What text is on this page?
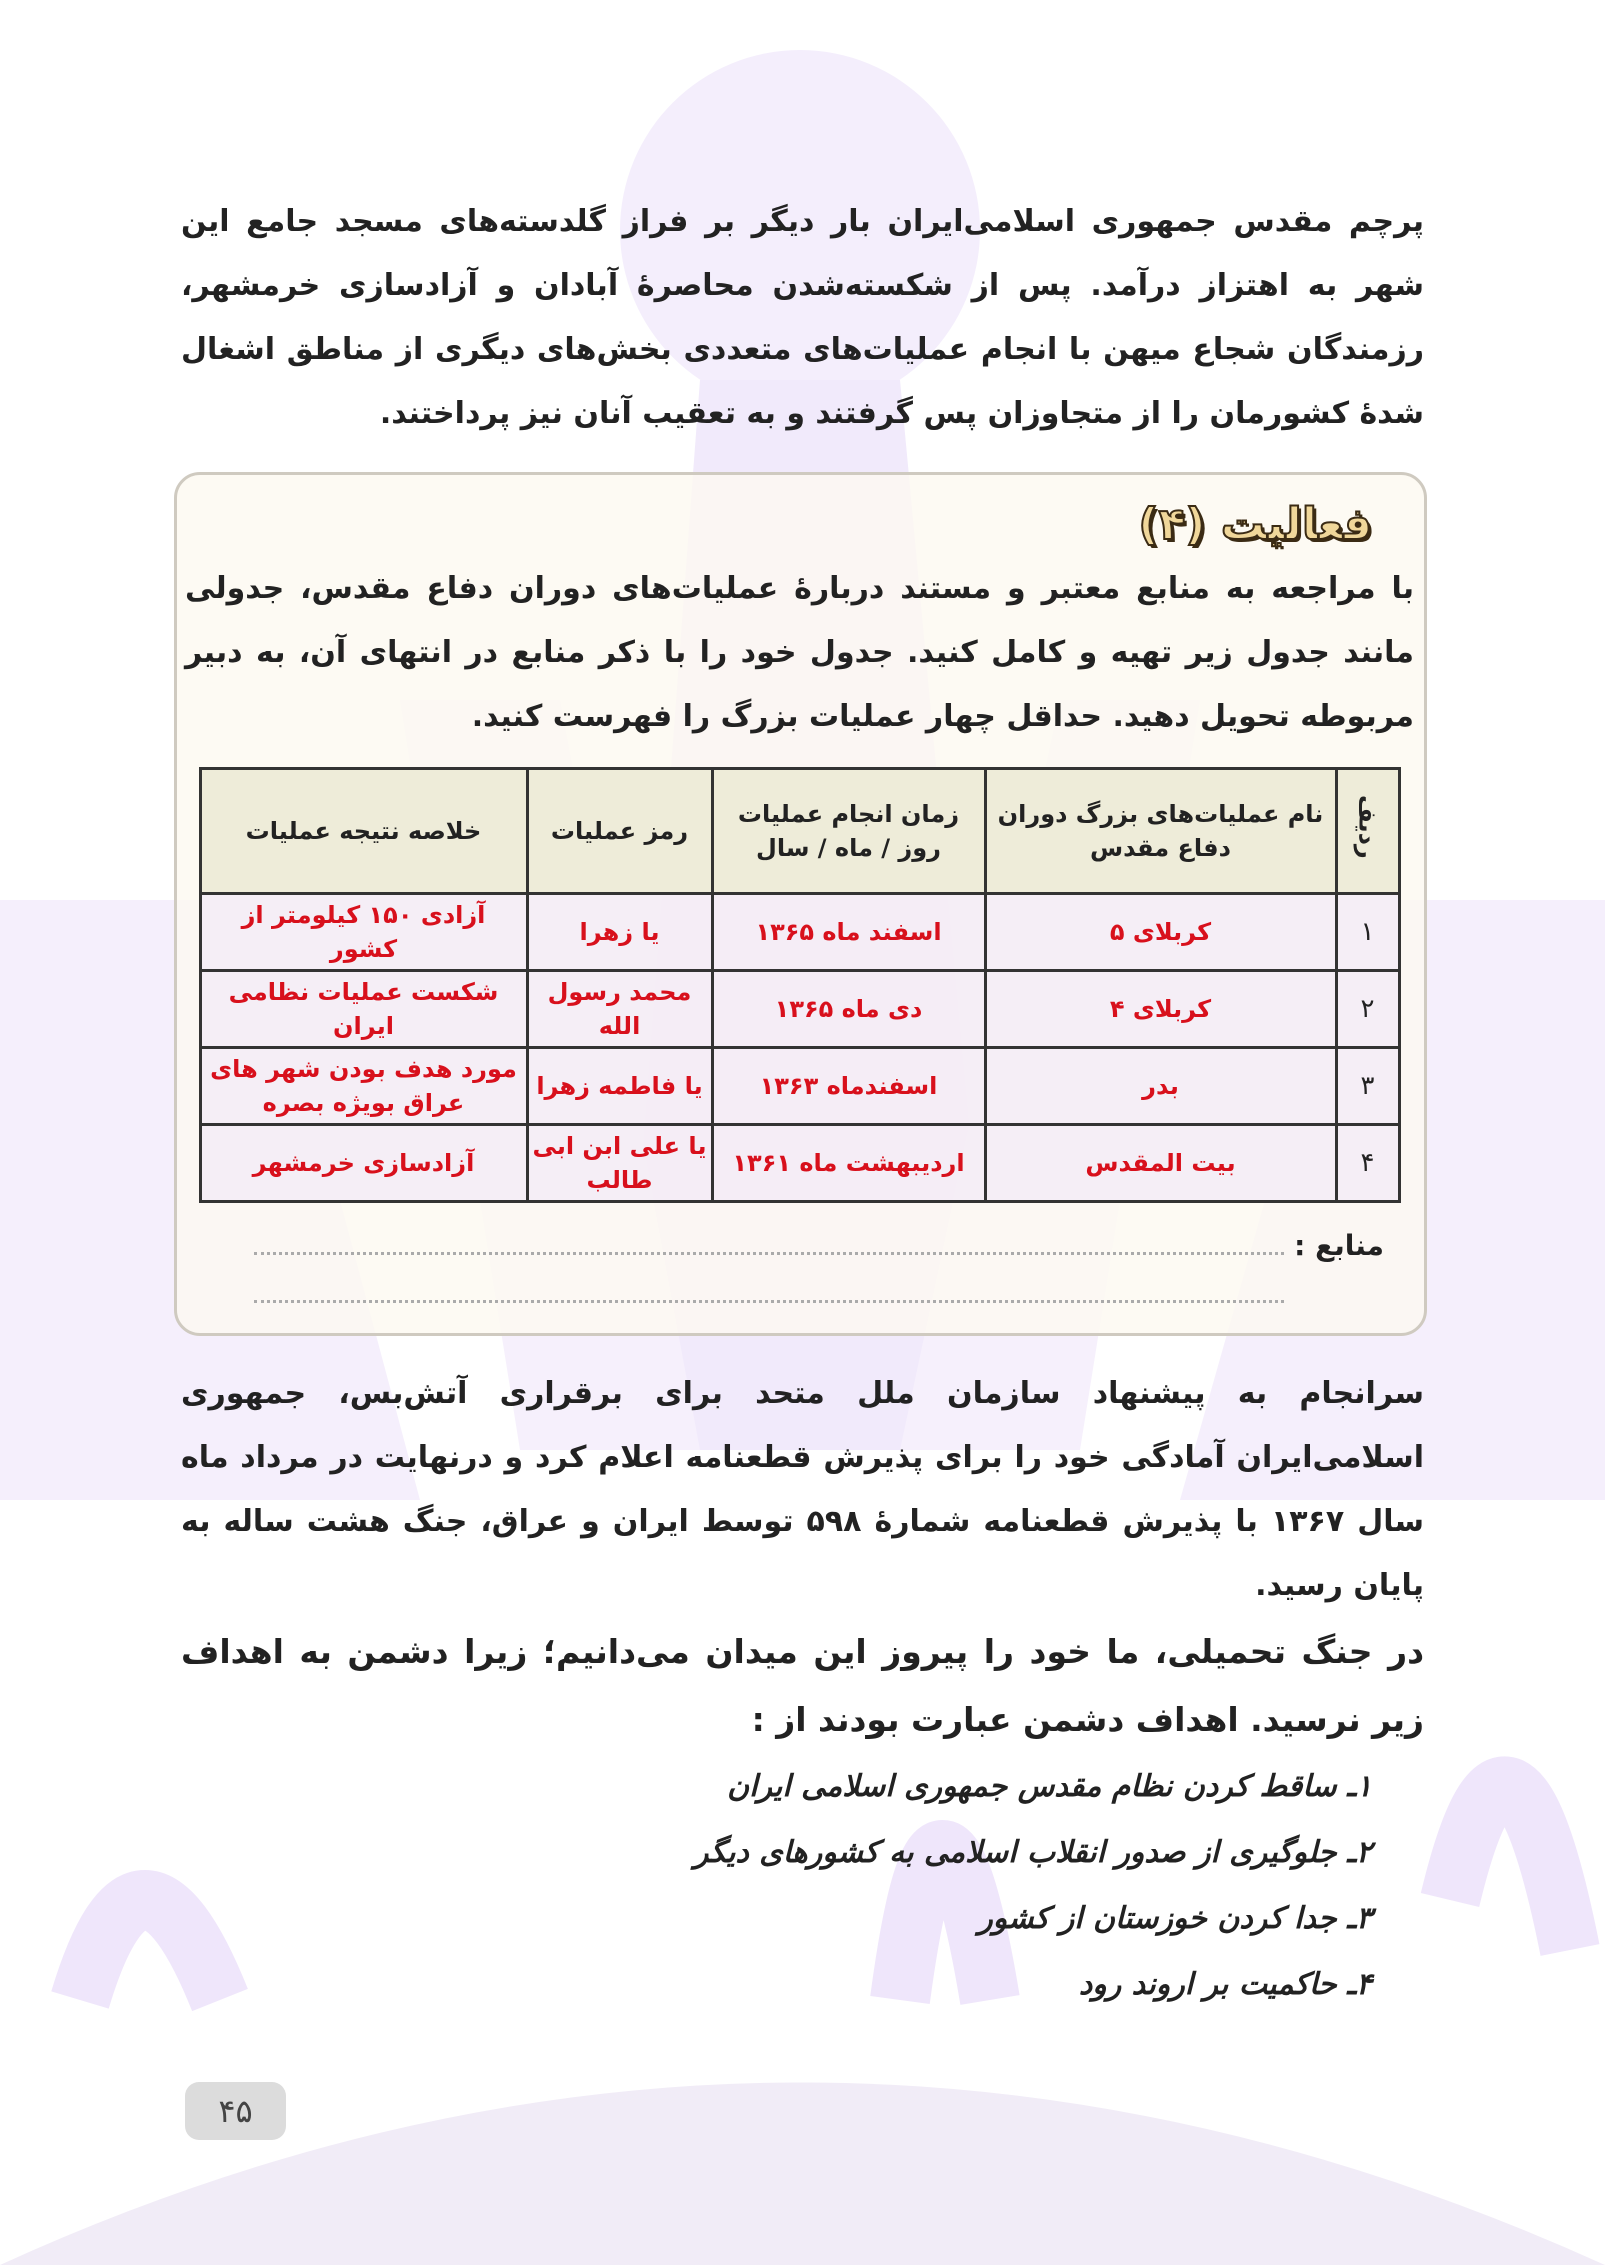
پرچم مقدس جمهوری اسلامی‌ایران بار دیگر بر فراز گلدسته‌های مسجد جامع این شهر به اهتزاز درآمد. پس از شکسته‌شدن محاصرۀ آبادان و آزادسازی خرمشهر، رزمندگان شجاع میهن با انجام عملیات‌های متعددی بخش‌های دیگری از مناطق اشغال شدۀ کشورمان را از متجاوزان پس گرفتند و به تعقیب آنان نیز پرداختند.

فعالیت (۴)
با مراجعه به منابع معتبر و مستند دربارۀ عملیات‌های دوران دفاع مقدس، جدولی مانند جدول زیر تهیه و کامل کنید. جدول خود را با ذکر منابع در انتهای آن، به دبیر مربوطه تحویل دهید. حداقل چهار عملیات بزرگ را فهرست کنید.
ردیف	نام عملیات‌های بزرگ دوران دفاع مقدس	زمان انجام عملیات روز / ماه / سال	رمز عملیات	خلاصه نتیجه عملیات
۱	کربلای ۵	اسفند ماه ۱۳۶۵	یا زهرا	آزادی ۱۵۰ کیلومتر از کشور
۲	کربلای ۴	دی ماه ۱۳۶۵	محمد رسول الله	شکست عملیات نظامی ایران
۳	بدر	اسفندماه ۱۳۶۳	یا فاطمه زهرا	مورد هدف بودن شهر های عراق بویژه بصره
۴	بیت المقدس	اردیبهشت ماه ۱۳۶۱	یا علی ابن ابی طالب	آزادسازی خرمشهر
منابع :

سرانجام به پیشنهاد سازمان ملل متحد برای برقراری آتش‌بس، جمهوری اسلامی‌ایران آمادگی خود را برای پذیرش قطعنامه اعلام کرد و درنهایت در مرداد ماه سال ۱۳۶۷ با پذیرش قطعنامه شمارۀ ۵۹۸ توسط ایران و عراق، جنگ هشت ساله به پایان رسید.

در جنگ تحمیلی، ما خود را پیروز این میدان می‌دانیم؛ زیرا دشمن به اهداف زیر نرسید. اهداف دشمن عبارت بودند از :

۱ـ ساقط کردن نظام مقدس جمهوری اسلامی ایران
۲ـ جلوگیری از صدور انقلاب اسلامی به کشورهای دیگر
۳ـ جدا کردن خوزستان از کشور
۴ـ حاکمیت بر اروند رود
۴۵
